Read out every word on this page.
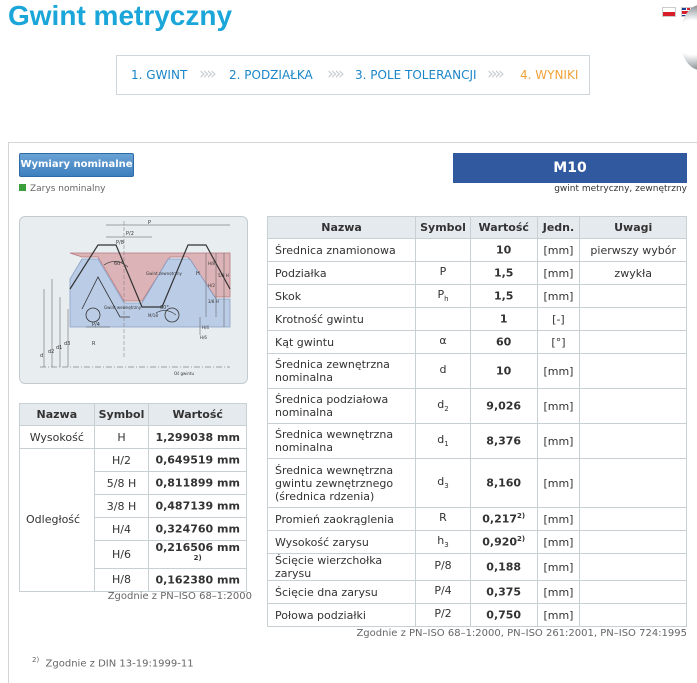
Gwint metryczny
1. GWINT »» 2. PODZIAŁKA »» 3. POLE TOLERANCJI »» 4. WYNIKI
Wymiary nominalne
Zarys nominalny
M10
gwint metryczny, zewnętrzny
P
P/2
P/8
60°
60°
P/4
Gwint zewnętrzny
Gwint wewnętrzny
Oś gwintu
H
H/8
5/8 H
H/2
3/8 H
H/4
H/6
M/18
R
d
d2
d1
d3
Nazwa	Symbol	Wartość
Wysokość	H	1,299038 mm
Odległość	H/2	0,649519 mm
	5/8 H	0,811899 mm
	3/8 H	0,487139 mm
	H/4	0,324760 mm
	H/6	0,216506 mm $^{2)}$
	H/8	0,162380 mm
Zgodnie z PN–ISO 68–1:2000
Nazwa	Symbol	Wartość	Jedn.	Uwagi
Średnica znamionowa		10	[mm]	pierwszy wybór
Podziałka	P	1,5	[mm]	zwykła
Skok	$P_h$	1,5	[mm]	
Krotność gwintu		1	[-]	
Kąt gwintu	α	60	[°]	
Średnica zewnętrzna nominalna	d	10	[mm]	
Średnica podziałowa nominalna	$d_2$	9,026	[mm]	
Średnica wewnętrzna nominalna	$d_1$	8,376	[mm]	
Średnica wewnętrzna gwintu zewnętrznego (średnica rdzenia)	$d_3$	8,160	[mm]	
Promień zaokrąglenia	R	0,217$^{2)}$	[mm]	
Wysokość zarysu	$h_3$	0,920$^{2)}$	[mm]	
Ścięcie wierzchołka zarysu	P/8	0,188	[mm]	
Ścięcie dna zarysu	P/4	0,375	[mm]	
Połowa podziałki	P/2	0,750	[mm]	
Zgodnie z PN–ISO 68–1:2000, PN–ISO 261:2001, PN–ISO 724:1995
$^{2)}$ Zgodnie z DIN 13-19:1999-11
